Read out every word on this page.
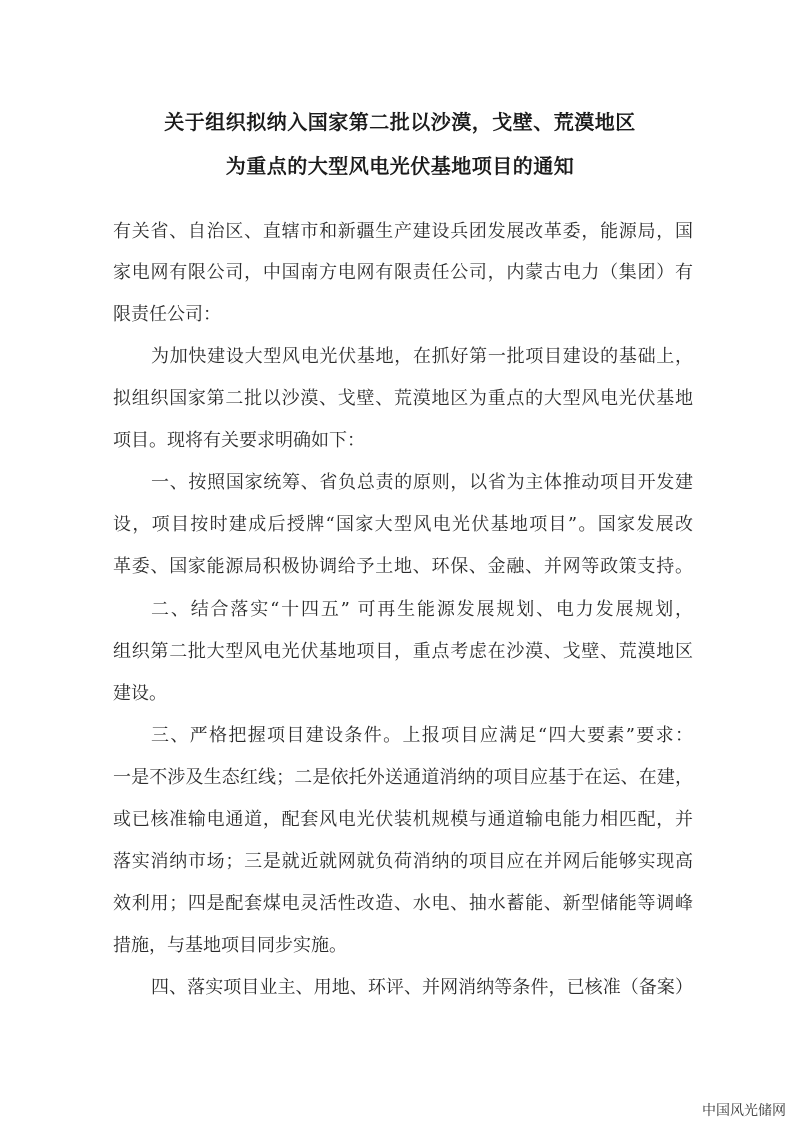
关于组织拟纳入国家第二批以沙漠，戈壁、荒漠地区
为重点的大型风电光伏基地项目的通知
有关省、自治区、直辖市和新疆生产建设兵团发展改革委，能源局，国
家电网有限公司，中国南方电网有限责任公司，内蒙古电力（集团）有
限责任公司：
为加快建设大型风电光伏基地，在抓好第一批项目建设的基础上，
拟组织国家第二批以沙漠、戈壁、荒漠地区为重点的大型风电光伏基地
项目。现将有关要求明确如下：
一、按照国家统筹、省负总责的原则，以省为主体推动项目开发建
设，项目按时建成后授牌“国家大型风电光伏基地项目”。国家发展改
革委、国家能源局积极协调给予土地、环保、金融、并网等政策支持。
二、结合落实“十四五” 可再生能源发展规划、电力发展规划，
组织第二批大型风电光伏基地项目，重点考虑在沙漠、戈壁、荒漠地区
建设。
三、严格把握项目建设条件。上报项目应满足“四大要素”要求：
一是不涉及生态红线；二是依托外送通道消纳的项目应基于在运、在建，
或已核准输电通道，配套风电光伏装机规模与通道输电能力相匹配，并
落实消纳市场；三是就近就网就负荷消纳的项目应在并网后能够实现高
效利用；四是配套煤电灵活性改造、水电、抽水蓄能、新型储能等调峰
措施，与基地项目同步实施。
四、落实项目业主、用地、环评、并网消纳等条件，已核准（备案）
中国风光储网
